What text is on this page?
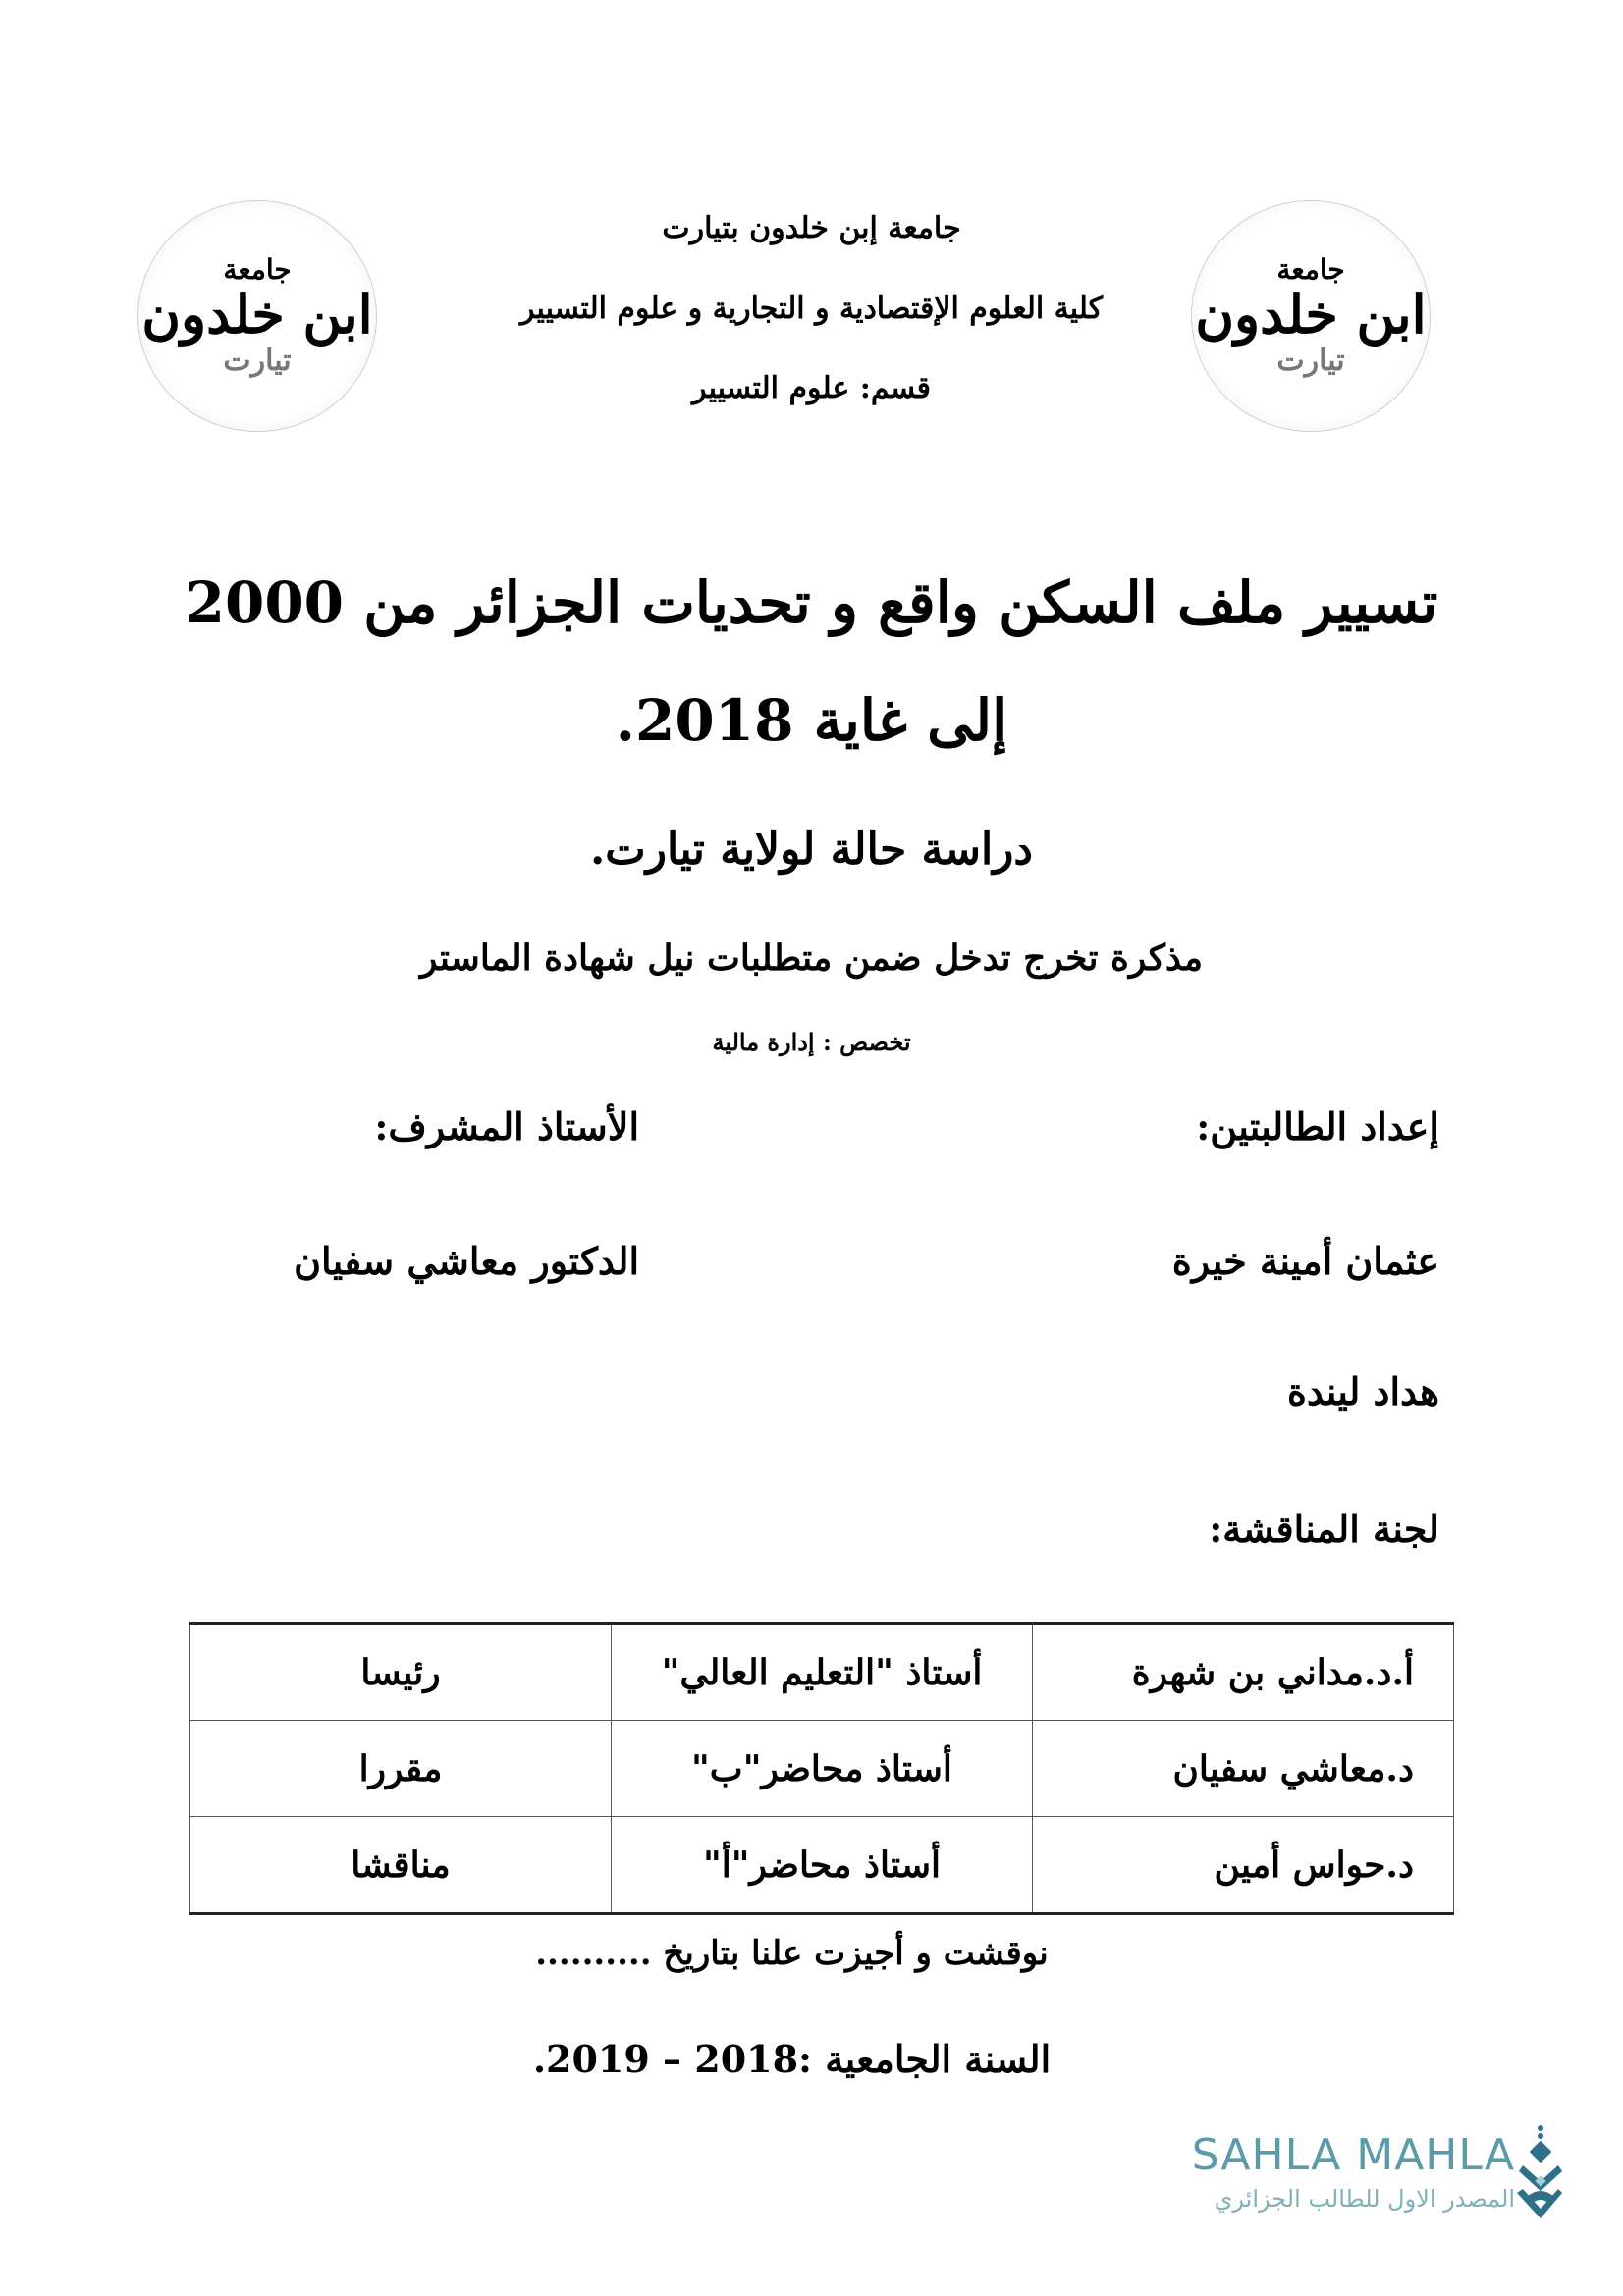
جامعة
ابن خلدون
تيارت
جامعة
ابن خلدون
تيارت
جامعة إبن خلدون بتيارت
كلية العلوم الإقتصادية و التجارية و علوم التسيير
قسم: علوم التسيير
تسيير ملف السكن واقع و تحديات الجزائر من 2000
إلى غاية 2018.
دراسة حالة لولاية تيارت.
مذكرة تخرج تدخل ضمن متطلبات نيل شهادة الماستر
تخصص : إدارة مالية
إعداد الطالبتين:
الأستاذ المشرف:
عثمان أمينة خيرة
الدكتور معاشي سفيان
هداد ليندة
لجنة المناقشة:
أ.د.مداني بن شهرة	أستاذ "التعليم العالي"	رئيسا
د.معاشي سفيان	أستاذ محاضر"ب"	مقررا
د.حواس أمين	أستاذ محاضر"أ"	مناقشا
نوقشت و أجيزت علنا بتاريخ ..........
السنة الجامعية :2018 – 2019.
SAHLA MAHLA
المصدر الاول للطالب الجزائري
